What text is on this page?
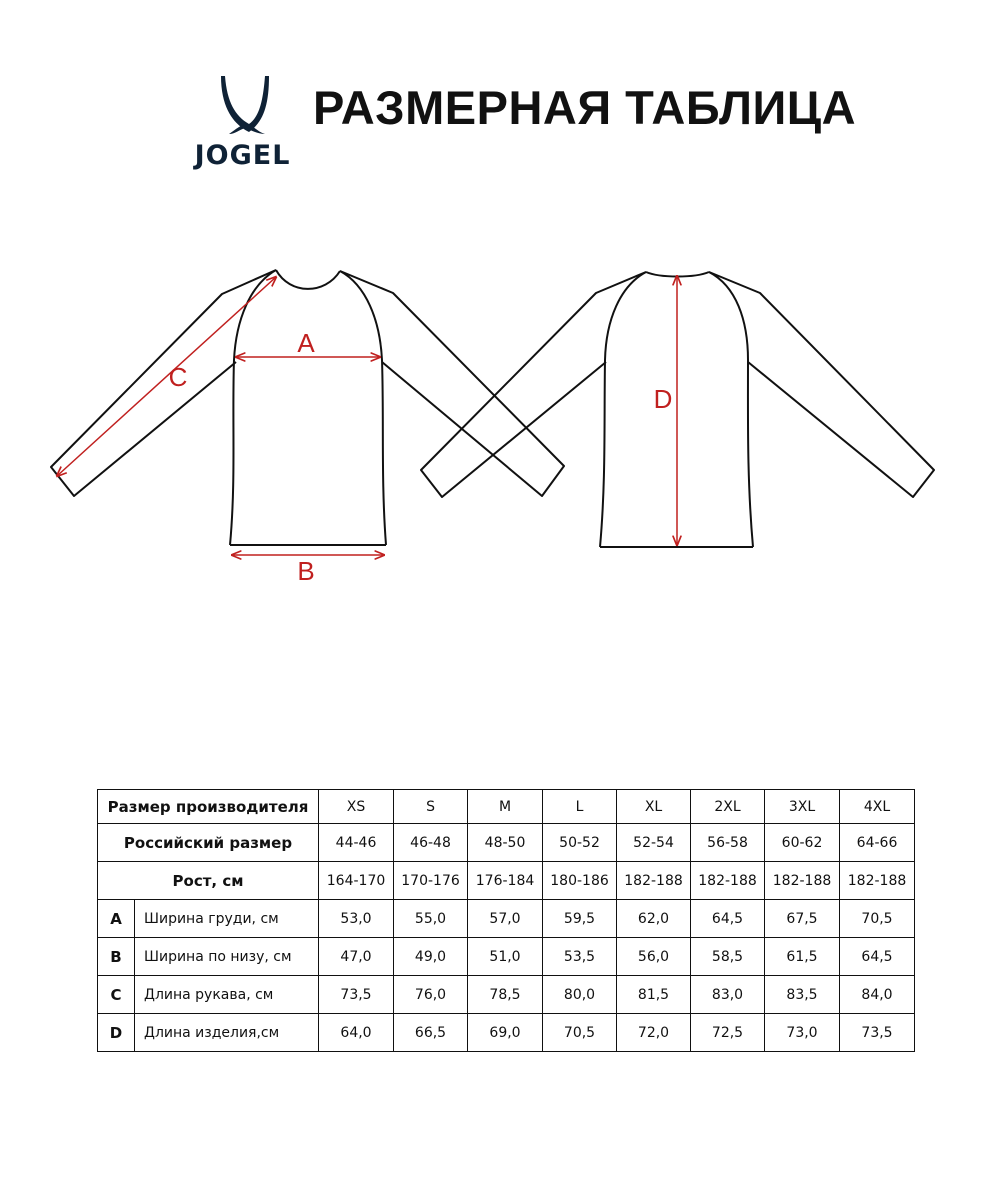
JOGEL
РАЗМЕРНАЯ ТАБЛИЦА
A
B
C
D
Размер производителя		XS	S	M	L	XL	2XL	3XL	4XL
Российский размер		44-46	46-48	48-50	50-52	52-54	56-58	60-62	64-66
Рост, см		164-170	170-176	176-184	180-186	182-188	182-188	182-188	182-188
A	Ширина груди, см	53,0	55,0	57,0	59,5	62,0	64,5	67,5	70,5
B	Ширина по низу, см	47,0	49,0	51,0	53,5	56,0	58,5	61,5	64,5
C	Длина рукава, см	73,5	76,0	78,5	80,0	81,5	83,0	83,5	84,0
D	Длина изделия,см	64,0	66,5	69,0	70,5	72,0	72,5	73,0	73,5
